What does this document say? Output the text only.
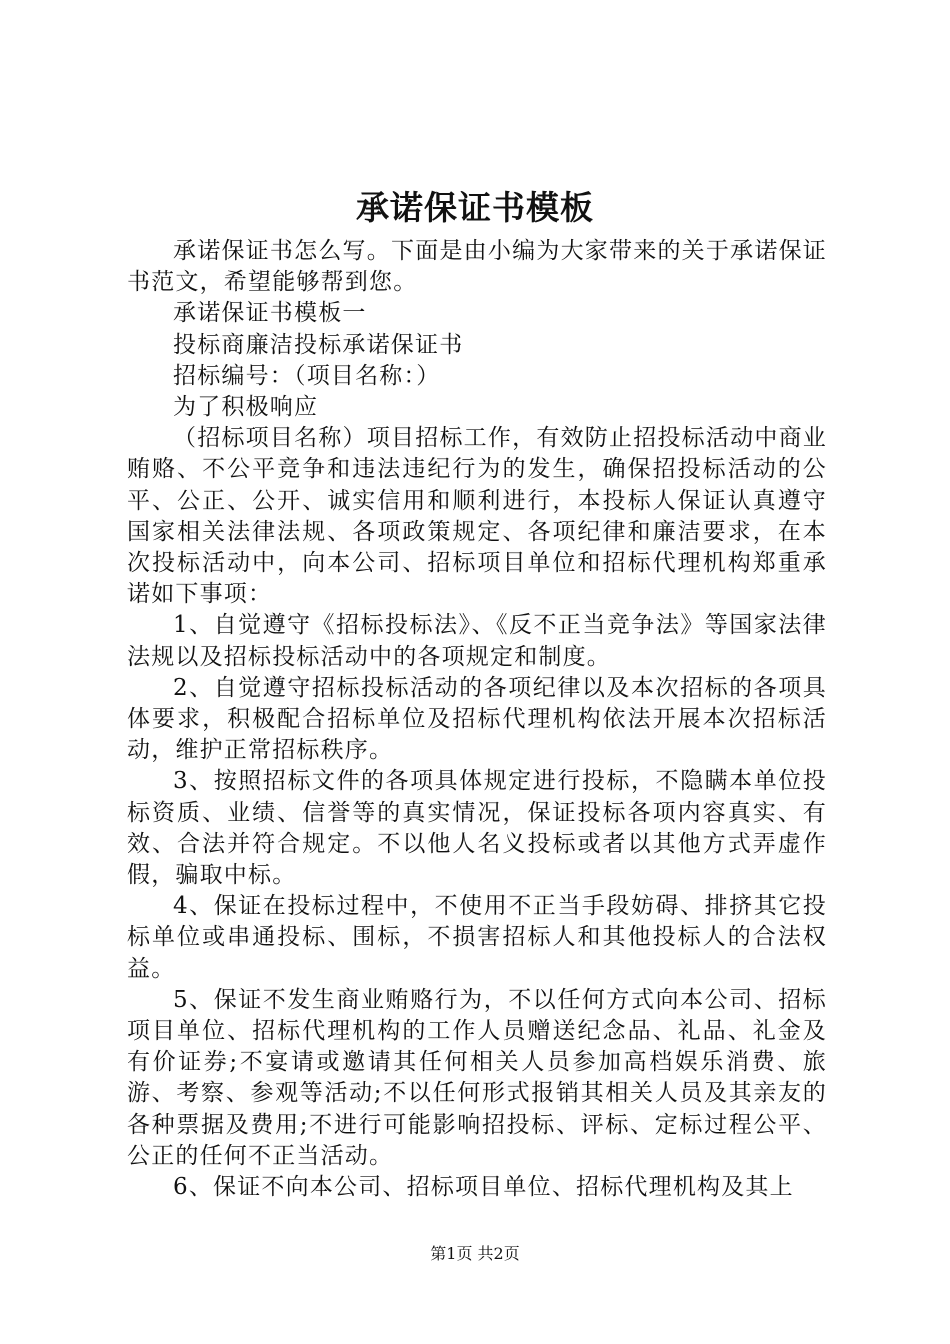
承诺保证书模板

承诺保证书怎么写。下面是由小编为大家带来的关于承诺保证书范文，希望能够帮到您。

承诺保证书模板一

投标商廉洁投标承诺保证书

招标编号：（项目名称：）

为了积极响应

（招标项目名称）项目招标工作，有效防止招投标活动中商业贿赂、不公平竞争和违法违纪行为的发生，确保招投标活动的公平、公正、公开、诚实信用和顺利进行，本投标人保证认真遵守国家相关法律法规、各项政策规定、各项纪律和廉洁要求，在本次投标活动中，向本公司、招标项目单位和招标代理机构郑重承诺如下事项：

1、自觉遵守《招标投标法》、《反不正当竞争法》等国家法律法规以及招标投标活动中的各项规定和制度。

2、自觉遵守招标投标活动的各项纪律以及本次招标的各项具体要求，积极配合招标单位及招标代理机构依法开展本次招标活动，维护正常招标秩序。

3、按照招标文件的各项具体规定进行投标，不隐瞒本单位投标资质、业绩、信誉等的真实情况，保证投标各项内容真实、有效、合法并符合规定。不以他人名义投标或者以其他方式弄虚作假，骗取中标。

4、保证在投标过程中，不使用不正当手段妨碍、排挤其它投标单位或串通投标、围标，不损害招标人和其他投标人的合法权益。

5、保证不发生商业贿赂行为，不以任何方式向本公司、招标项目单位、招标代理机构的工作人员赠送纪念品、礼品、礼金及有价证券;不宴请或邀请其任何相关人员参加高档娱乐消费、旅游、考察、参观等活动;不以任何形式报销其相关人员及其亲友的各种票据及费用;不进行可能影响招投标、评标、定标过程公平、公正的任何不正当活动。

6、保证不向本公司、招标项目单位、招标代理机构及其上

第1页 共2页
